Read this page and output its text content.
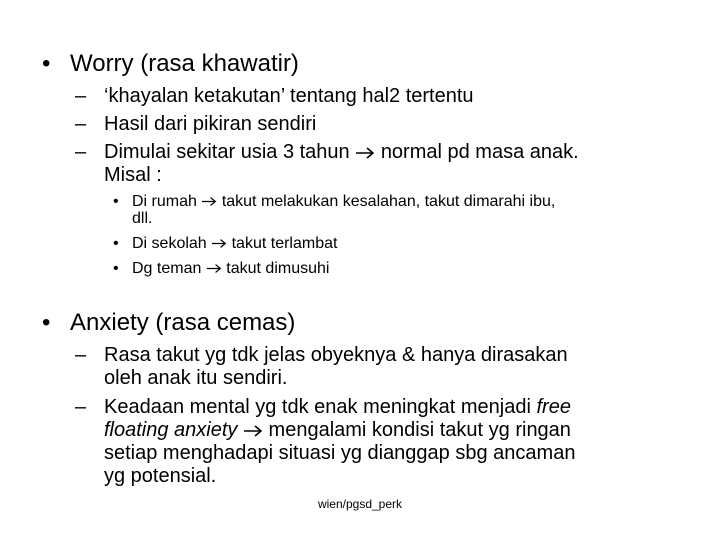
• Worry (rasa khawatir)
– ‘khayalan ketakutan’ tentang hal2 tertentu
– Hasil dari pikiran sendiri
– Dimulai sekitar usia 3 tahun normal pd masa anak.
Misal :
• Di rumah takut melakukan kesalahan, takut dimarahi ibu,
dll.
• Di sekolah takut terlambat
• Dg teman takut dimusuhi
• Anxiety (rasa cemas)
– Rasa takut yg tdk jelas obyeknya & hanya dirasakan
oleh anak itu sendiri.
– Keadaan mental yg tdk enak meningkat menjadi free
floating anxiety mengalami kondisi takut yg ringan
setiap menghadapi situasi yg dianggap sbg ancaman
yg potensial.
wien/pgsd_perk
